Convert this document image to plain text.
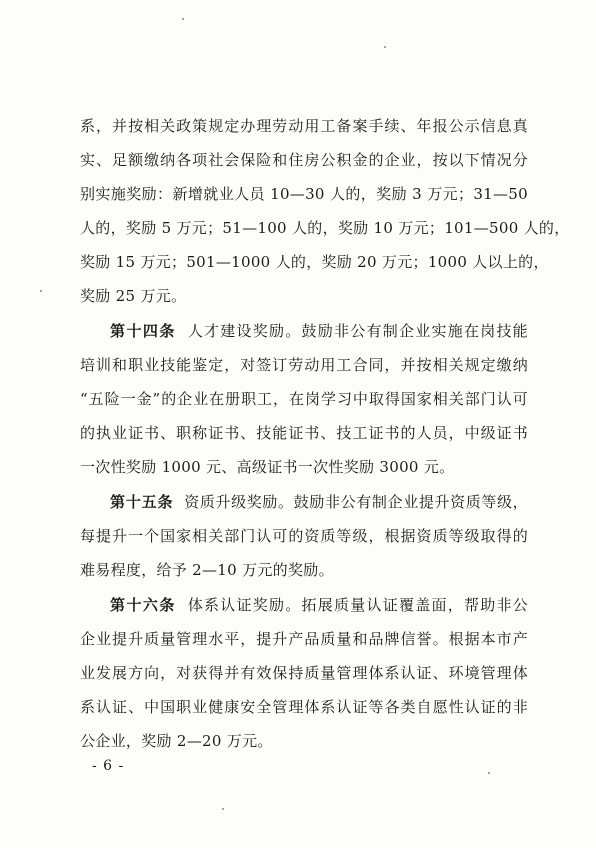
系，并按相关政策规定办理劳动用工备案手续、年报公示信息真
实、足额缴纳各项社会保险和住房公积金的企业，按以下情况分
别实施奖励：新增就业人员 10—30 人的，奖励 3 万元；31—50
人的，奖励 5 万元；51—100 人的，奖励 10 万元；101—500 人的，
奖励 15 万元；501—1000 人的，奖励 20 万元；1000 人以上的，
奖励 25 万元。
第十四条 人才建设奖励。鼓励非公有制企业实施在岗技能
培训和职业技能鉴定，对签订劳动用工合同，并按相关规定缴纳
“五险一金”的企业在册职工，在岗学习中取得国家相关部门认可
的执业证书、职称证书、技能证书、技工证书的人员，中级证书
一次性奖励 1000 元、高级证书一次性奖励 3000 元。
第十五条 资质升级奖励。鼓励非公有制企业提升资质等级，
每提升一个国家相关部门认可的资质等级，根据资质等级取得的
难易程度，给予 2—10 万元的奖励。
第十六条 体系认证奖励。拓展质量认证覆盖面，帮助非公
企业提升质量管理水平，提升产品质量和品牌信誉。根据本市产
业发展方向，对获得并有效保持质量管理体系认证、环境管理体
系认证、中国职业健康安全管理体系认证等各类自愿性认证的非
公企业，奖励 2—20 万元。
- 6 -
